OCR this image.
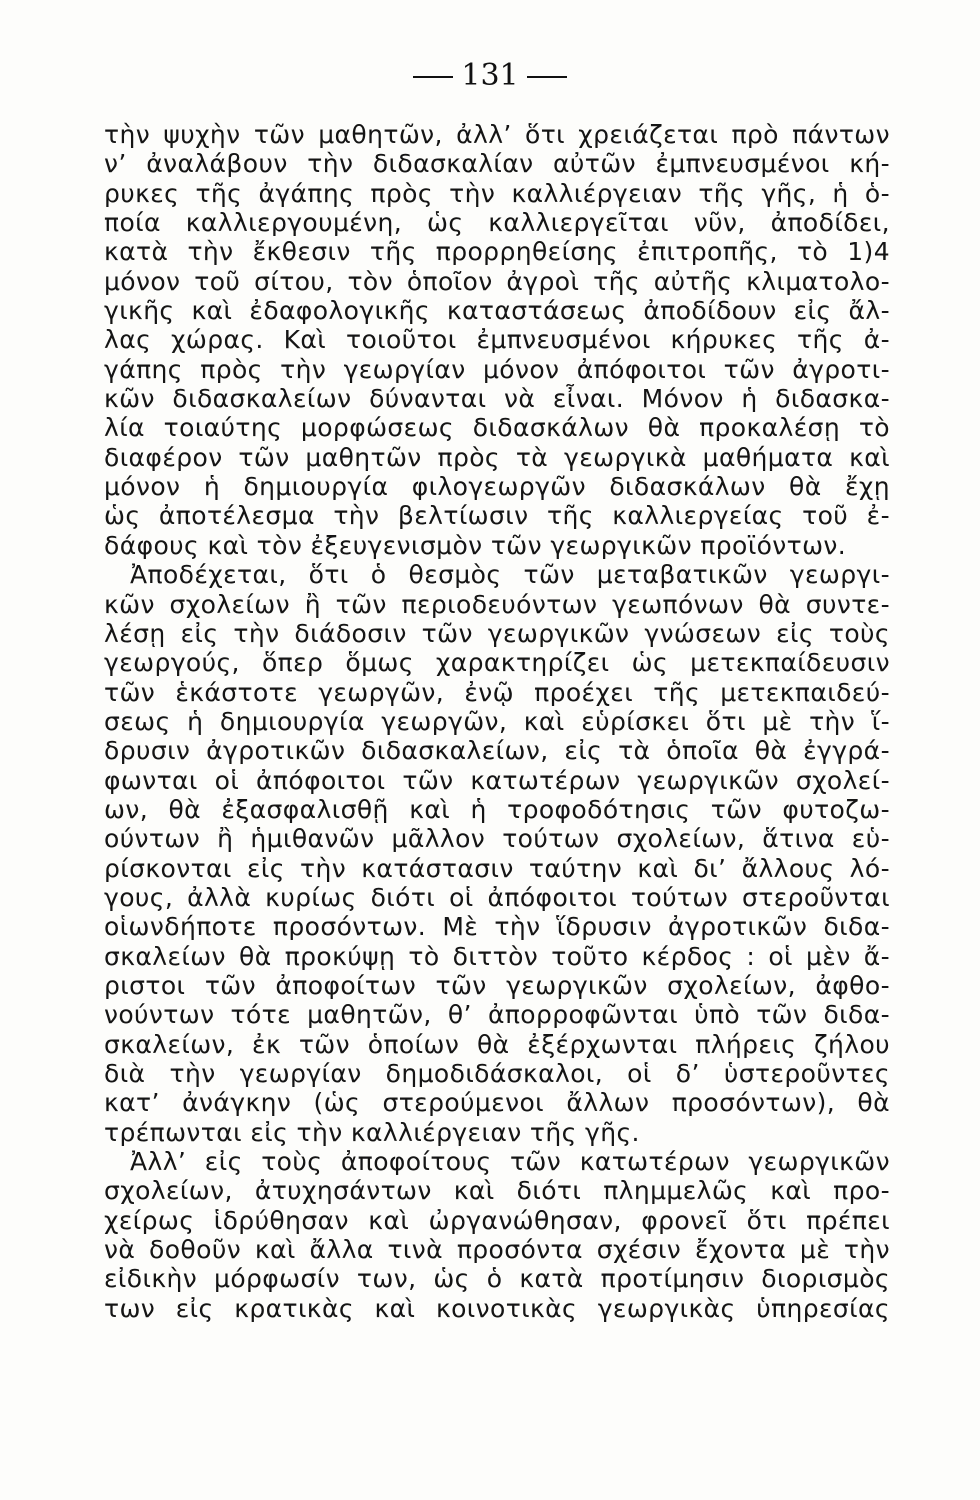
131
τὴν ψυχὴν τῶν μαθητῶν, ἀλλ’ ὅτι χρειάζεται πρὸ πάντων
ν’ ἀναλάβουν τὴν διδασκαλίαν αὐτῶν ἐμπνευσμένοι κή-
ρυκες τῆς ἀγάπης πρὸς τὴν καλλιέργειαν τῆς γῆς, ἡ ὁ-
ποία καλλιεργουμένη, ὡς καλλιεργεῖται νῦν, ἀποδίδει,
κατὰ τὴν ἔκθεσιν τῆς προρρηθείσης ἐπιτροπῆς, τὸ 1)4
μόνον τοῦ σίτου, τὸν ὁποῖον ἀγροὶ τῆς αὐτῆς κλιματολο-
γικῆς καὶ ἐδαφολογικῆς καταστάσεως ἀποδίδουν εἰς ἄλ-
λας χώρας. Καὶ τοιοῦτοι ἐμπνευσμένοι κήρυκες τῆς ἀ-
γάπης πρὸς τὴν γεωργίαν μόνον ἀπόφοιτοι τῶν ἀγροτι-
κῶν διδασκαλείων δύνανται νὰ εἶναι. Μόνον ἡ διδασκα-
λία τοιαύτης μορφώσεως διδασκάλων θὰ προκαλέσῃ τὸ
διαφέρον τῶν μαθητῶν πρὸς τὰ γεωργικὰ μαθήματα καὶ
μόνον ἡ δημιουργία φιλογεωργῶν διδασκάλων θὰ ἔχῃ
ὡς ἀποτέλεσμα τὴν βελτίωσιν τῆς καλλιεργείας τοῦ ἐ-
δάφους καὶ τὸν ἐξευγενισμὸν τῶν γεωργικῶν προϊόντων.
Ἀποδέχεται, ὅτι ὁ θεσμὸς τῶν μεταβατικῶν γεωργι-
κῶν σχολείων ἢ τῶν περιοδευόντων γεωπόνων θὰ συντε-
λέσῃ εἰς τὴν διάδοσιν τῶν γεωργικῶν γνώσεων εἰς τοὺς
γεωργούς, ὅπερ ὅμως χαρακτηρίζει ὡς μετεκπαίδευσιν
τῶν ἑκάστοτε γεωργῶν, ἐνῷ προέχει τῆς μετεκπαιδεύ-
σεως ἡ δημιουργία γεωργῶν, καὶ εὑρίσκει ὅτι μὲ τὴν ἵ-
δρυσιν ἀγροτικῶν διδασκαλείων, εἰς τὰ ὁποῖα θὰ ἐγγρά-
φωνται οἱ ἀπόφοιτοι τῶν κατωτέρων γεωργικῶν σχολεί-
ων, θὰ ἐξασφαλισθῇ καὶ ἡ τροφοδότησις τῶν φυτοζω-
ούντων ἢ ἡμιθανῶν μᾶλλον τούτων σχολείων, ἅτινα εὑ-
ρίσκονται εἰς τὴν κατάστασιν ταύτην καὶ δι’ ἄλλους λό-
γους, ἀλλὰ κυρίως διότι οἱ ἀπόφοιτοι τούτων στεροῦνται
οἱωνδήποτε προσόντων. Μὲ τὴν ἵδρυσιν ἀγροτικῶν διδα-
σκαλείων θὰ προκύψῃ τὸ διττὸν τοῦτο κέρδος : οἱ μὲν ἄ-
ριστοι τῶν ἀποφοίτων τῶν γεωργικῶν σχολείων, ἀφθο-
νούντων τότε μαθητῶν, θ’ ἀπορροφῶνται ὑπὸ τῶν διδα-
σκαλείων, ἐκ τῶν ὁποίων θὰ ἐξέρχωνται πλήρεις ζήλου
διὰ τὴν γεωργίαν δημοδιδάσκαλοι, οἱ δ’ ὑστεροῦντες
κατ’ ἀνάγκην (ὡς στερούμενοι ἄλλων προσόντων), θὰ
τρέπωνται εἰς τὴν καλλιέργειαν τῆς γῆς.
Ἀλλ’ εἰς τοὺς ἀποφοίτους τῶν κατωτέρων γεωργικῶν
σχολείων, ἀτυχησάντων καὶ διότι πλημμελῶς καὶ προ-
χείρως ἱδρύθησαν καὶ ὠργανώθησαν, φρονεῖ ὅτι πρέπει
νὰ δοθοῦν καὶ ἄλλα τινὰ προσόντα σχέσιν ἔχοντα μὲ τὴν
εἰδικὴν μόρφωσίν των, ὡς ὁ κατὰ προτίμησιν διορισμὸς
των εἰς κρατικὰς καὶ κοινοτικὰς γεωργικὰς ὑπηρεσίας
